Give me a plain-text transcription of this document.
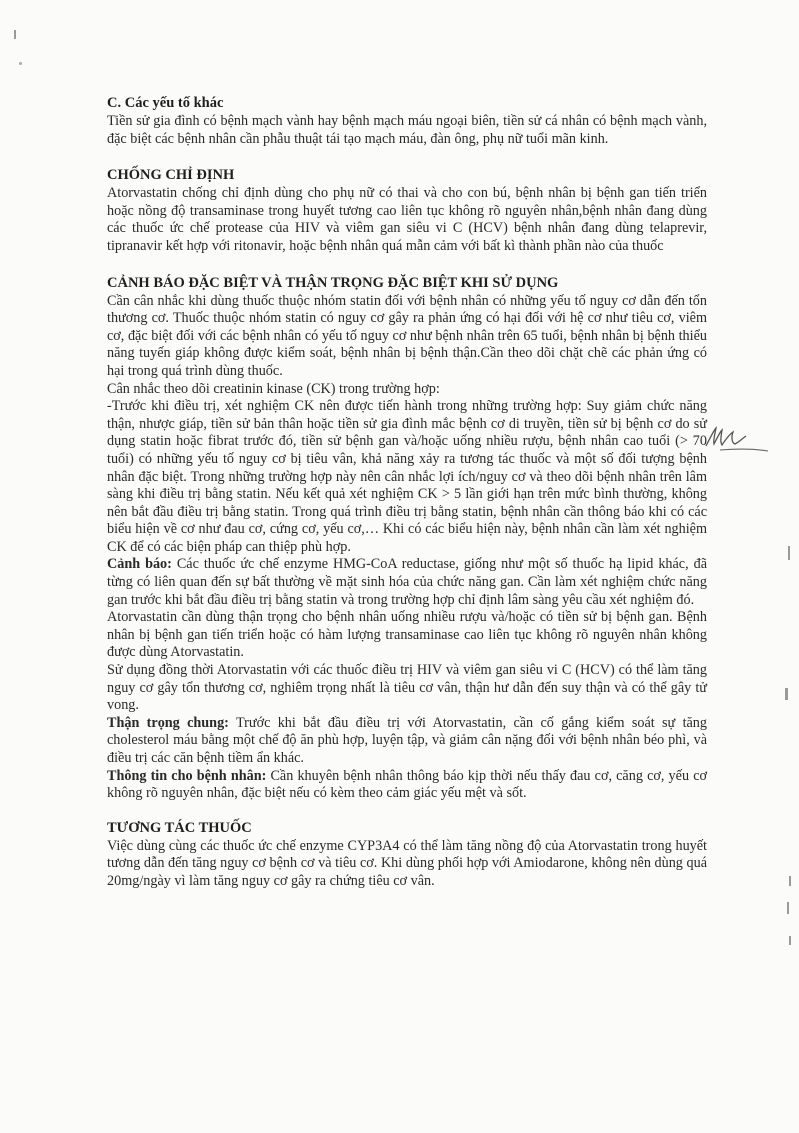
C. Các yếu tố khác

Tiền sử gia đình có bệnh mạch vành hay bệnh mạch máu ngoại biên, tiền sử cá nhân có bệnh mạch vành, đặc biệt các bệnh nhân cần phẫu thuật tái tạo mạch máu, đàn ông, phụ nữ tuổi mãn kinh.

CHỐNG CHỈ ĐỊNH

Atorvastatin chống chỉ định dùng cho phụ nữ có thai và cho con bú, bệnh nhân bị bệnh gan tiến triển hoặc nồng độ transaminase trong huyết tương cao liên tục không rõ nguyên nhân,bệnh nhân đang dùng các thuốc ức chế protease của HIV và viêm gan siêu vi C (HCV) bệnh nhân đang dùng telaprevir, tipranavir kết hợp với ritonavir, hoặc bệnh nhân quá mẫn cảm với bất kì thành phần nào của thuốc

CẢNH BÁO ĐẶC BIỆT VÀ THẬN TRỌNG ĐẶC BIỆT KHI SỬ DỤNG

Cần cân nhắc khi dùng thuốc thuộc nhóm statin đối với bệnh nhân có những yếu tố nguy cơ dẫn đến tổn thương cơ. Thuốc thuộc nhóm statin có nguy cơ gây ra phản ứng có hại đối với hệ cơ như tiêu cơ, viêm cơ, đặc biệt đối với các bệnh nhân có yếu tố nguy cơ như bệnh nhân trên 65 tuổi, bệnh nhân bị bệnh thiểu năng tuyến giáp không được kiểm soát, bệnh nhân bị bệnh thận.Cần theo dõi chặt chẽ các phản ứng có hại trong quá trình dùng thuốc.

Cân nhắc theo dõi creatinin kinase (CK) trong trường hợp:

-Trước khi điều trị, xét nghiệm CK nên được tiến hành trong những trường hợp: Suy giảm chức năng thận, nhược giáp, tiền sử bản thân hoặc tiền sử gia đình mắc bệnh cơ di truyền, tiền sử bị bệnh cơ do sử dụng statin hoặc fibrat trước đó, tiền sử bệnh gan và/hoặc uống nhiều rượu, bệnh nhân cao tuổi (> 70 tuổi) có những yếu tố nguy cơ bị tiêu vân, khả năng xảy ra tương tác thuốc và một số đối tượng bệnh nhân đặc biệt. Trong những trường hợp này nên cân nhắc lợi ích/nguy cơ và theo dõi bệnh nhân trên lâm sàng khi điều trị bằng statin. Nếu kết quả xét nghiệm CK > 5 lần giới hạn trên mức bình thường, không nên bắt đầu điều trị bằng statin. Trong quá trình điều trị bằng statin, bệnh nhân cần thông báo khi có các biểu hiện về cơ như đau cơ, cứng cơ, yếu cơ,… Khi có các biểu hiện này, bệnh nhân cần làm xét nghiệm CK để có các biện pháp can thiệp phù hợp.

Cảnh báo: Các thuốc ức chế enzyme HMG-CoA reductase, giống như một số thuốc hạ lipid khác, đã từng có liên quan đến sự bất thường về mặt sinh hóa của chức năng gan. Cần làm xét nghiệm chức năng gan trước khi bắt đầu điều trị bằng statin và trong trường hợp chỉ định lâm sàng yêu cầu xét nghiệm đó.

Atorvastatin cần dùng thận trọng cho bệnh nhân uống nhiều rượu và/hoặc có tiền sử bị bệnh gan. Bệnh nhân bị bệnh gan tiến triển hoặc có hàm lượng transaminase cao liên tục không rõ nguyên nhân không được dùng Atorvastatin.

Sử dụng đồng thời Atorvastatin với các thuốc điều trị HIV và viêm gan siêu vi C (HCV) có thể làm tăng nguy cơ gây tổn thương cơ, nghiêm trọng nhất là tiêu cơ vân, thận hư dẫn đến suy thận và có thể gây tử vong.

Thận trọng chung: Trước khi bắt đầu điều trị với Atorvastatin, cần cố gắng kiểm soát sự tăng cholesterol máu bằng một chế độ ăn phù hợp, luyện tập, và giảm cân nặng đối với bệnh nhân béo phì, và điều trị các căn bệnh tiềm ẩn khác.

Thông tin cho bệnh nhân: Cần khuyên bệnh nhân thông báo kịp thời nếu thấy đau cơ, căng cơ, yếu cơ không rõ nguyên nhân, đặc biệt nếu có kèm theo cảm giác yếu mệt và sốt.

TƯƠNG TÁC THUỐC

Việc dùng cùng các thuốc ức chế enzyme CYP3A4 có thể làm tăng nồng độ của Atorvastatin trong huyết tương dẫn đến tăng nguy cơ bệnh cơ và tiêu cơ. Khi dùng phối hợp với Amiodarone, không nên dùng quá 20mg/ngày vì làm tăng nguy cơ gây ra chứng tiêu cơ vân.
